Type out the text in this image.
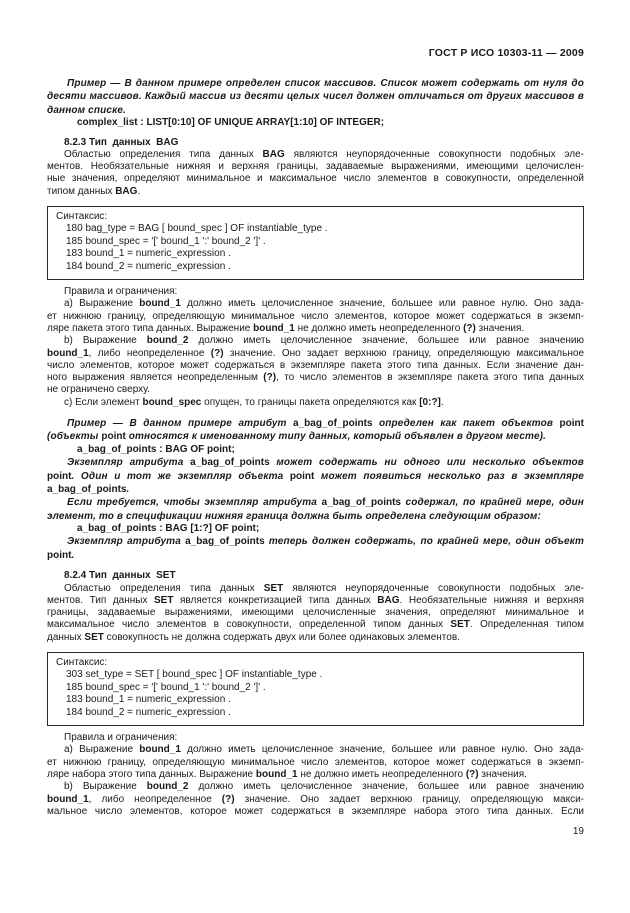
ГОСТ Р ИСО 10303-11 — 2009
Пример — В данном примере определен список массивов. Список может содержать от нуля до
десяти массивов. Каждый массив из десяти целых чисел должен отличаться от других массивов в
данном списке.
complex_list : LIST[0:10] OF UNIQUE ARRAY[1:10] OF INTEGER;
8.2.3 Тип  данных  BAG
Областью определения типа данных BAG являются неупорядоченные совокупности подобных эле-
ментов. Необязательные нижняя и верхняя границы, задаваемые выражениями, имеющими целочислен-
ные значения, определяют минимальное и максимальное число элементов в совокупности, определенной
типом данных BAG.
Синтаксис:
180 bag_type = BAG [ bound_spec ] OF instantiable_type .
185 bound_spec = '[' bound_1 ':' bound_2 ']' .
183 bound_1 = numeric_expression .
184 bound_2 = numeric_expression .
Правила и ограничения:
a) Выражение bound_1 должно иметь целочисленное значение, большее или равное нулю. Оно зада-
ет нижнюю границу, определяющую минимальное число элементов, которое может содержаться в экземп-
ляре пакета этого типа данных. Выражение bound_1 не должно иметь неопределенного (?) значения.
b) Выражение bound_2 должно иметь целочисленное значение, большее или равное значению
bound_1, либо неопределенное (?) значение. Оно задает верхнюю границу, определяющую максимальное
число элементов, которое может содержаться в экземпляре пакета этого типа данных. Если значение дан-
ного выражения является неопределенным (?), то число элементов в экземпляре пакета этого типа данных
не ограничено сверху.
c) Если элемент bound_spec опущен, то границы пакета определяются как [0:?].
Пример — В данном примере атрибут a_bag_of_points определен как пакет объектов point
(объекты point относятся к именованному типу данных, который объявлен в другом месте).
a_bag_of_points : BAG OF point;
Экземпляр атрибута a_bag_of_points может содержать ни одного или несколько объектов
point. Один и тот же экземпляр объекта point может появиться несколько раз в экземпляре
a_bag_of_points.
Если требуется, чтобы экземпляр атрибута a_bag_of_points содержал, по крайней мере, один
элемент, то в спецификации нижняя граница должна быть определена следующим образом:
a_bag_of_points : BAG [1:?] OF point;
Экземпляр атрибута a_bag_of_points теперь должен содержать, по крайней мере, один объект
point.
8.2.4 Тип  данных  SET
Областью определения типа данных SET являются неупорядоченные совокупности подобных эле-
ментов. Тип данных SET является конкретизацией типа данных BAG. Необязательные нижняя и верхняя
границы, задаваемые выражениями, имеющими целочисленные значения, определяют минимальное и
максимальное число элементов в совокупности, определенной типом данных SET. Определенная типом
данных SET совокупность не должна содержать двух или более одинаковых элементов.
Синтаксис:
303 set_type = SET [ bound_spec ] OF instantiable_type .
185 bound_spec = '[' bound_1 ':' bound_2 ']' .
183 bound_1 = numeric_expression .
184 bound_2 = numeric_expression .
Правила и ограничения:
a) Выражение bound_1 должно иметь целочисленное значение, большее или равное нулю. Оно зада-
ет нижнюю границу, определяющую минимальное число элементов, которое может содержаться в экземп-
ляре набора этого типа данных. Выражение bound_1 не должно иметь неопределенного (?) значения.
b) Выражение bound_2 должно иметь целочисленное значение, большее или равное значению
bound_1, либо неопределенное (?) значение. Оно задает верхнюю границу, определяющую макси-
мальное число элементов, которое может содержаться в экземпляре набора этого типа данных. Если
19
